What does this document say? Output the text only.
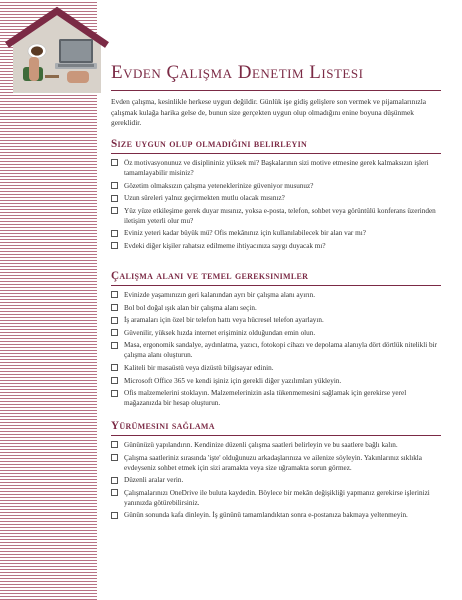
Evden Çalışma Denetim Listesi

Evden çalışma, kesinlikle herkese uygun değildir. Günlük işe gidiş gelişlere son vermek ve pijamalarınızla çalışmak kulağa harika gelse de, bunun size gerçekten uygun olup olmadığını enine boyuna düşünmek gereklidir.

Size uygun olup olmadığını belirleyin
Öz motivasyonunuz ve disiplininiz yüksek mi? Başkalarının sizi motive etmesine gerek kalmaksızın işleri tamamlayabilir misiniz?
Gözetim olmaksızın çalışma yeteneklerinize güveniyor musunuz?
Uzun süreleri yalnız geçirmekten mutlu olacak mısınız?
Yüz yüze etkileşime gerek duyar mısınız, yoksa e-posta, telefon, sohbet veya görüntülü konferans üzerinden iletişim yeterli olur mu?
Eviniz yeteri kadar büyük mü? Ofis mekânınız için kullanılabilecek bir alan var mı?
Evdeki diğer kişiler rahatsız edilmeme ihtiyacınıza saygı duyacak mı?
Çalışma alanı ve temel gereksinimler
Evinizde yaşamınızın geri kalanından ayrı bir çalışma alanı ayırın.
Bol bol doğal ışık alan bir çalışma alanı seçin.
İş aramaları için özel bir telefon hattı veya hücresel telefon ayarlayın.
Güvenilir, yüksek hızda internet erişiminiz olduğundan emin olun.
Masa, ergonomik sandalye, aydınlatma, yazıcı, fotokopi cihazı ve depolama alanıyla dört dörtlük nitelikli bir çalışma alanı oluşturun.
Kaliteli bir masaüstü veya dizüstü bilgisayar edinin.
Microsoft Office 365 ve kendi işiniz için gerekli diğer yazılımları yükleyin.
Ofis malzemelerini stoklayın. Malzemelerinizin asla tükenmemesini sağlamak için gerekirse yerel mağazanızda bir hesap oluşturun.
Yürümesini sağlama
Gününüzü yapılandırın. Kendinize düzenli çalışma saatleri belirleyin ve bu saatlere bağlı kalın.
Çalışma saatleriniz sırasında 'işte' olduğunuzu arkadaşlarınıza ve ailenize söyleyin. Yakınlarınız sıklıkla evdeyseniz sohbet etmek için sizi aramakta veya size uğramakta sorun görmez.
Düzenli aralar verin.
Çalışmalarınızı OneDrive ile buluta kaydedin. Böylece bir mekân değişikliği yapmanız gerekirse işlerinizi yanınızda götürebilirsiniz.
Günün sonunda kafa dinleyin. İş gününü tamamlandıktan sonra e-postanıza bakmaya yeltenmeyin.
